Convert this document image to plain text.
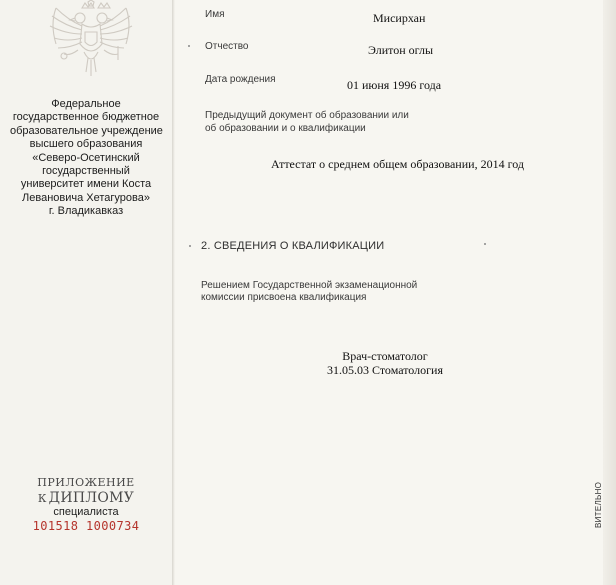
Федеральное
государственное бюджетное
образовательное учреждение
высшего образования
«Северо-Осетинский
государственный
университет имени Коста
Левановича Хетагурова»
г. Владикавказ
ПРИЛОЖЕНИЕ
К ДИПЛОМУ
специалиста
101518 1000734
Имя	Мисирхан
Отчество	Элитон оглы
Дата рождения	01 июня 1996 года
Предыдущий документ об образовании или
об образовании и о квалификации
Аттестат о среднем общем образовании, 2014 год
2. СВЕДЕНИЯ О КВАЛИФИКАЦИИ
Решением Государственной экзаменационной
комиссии присвоена квалификация
Врач-стоматолог
31.05.03 Стоматология
ВИТЕЛЬНО
